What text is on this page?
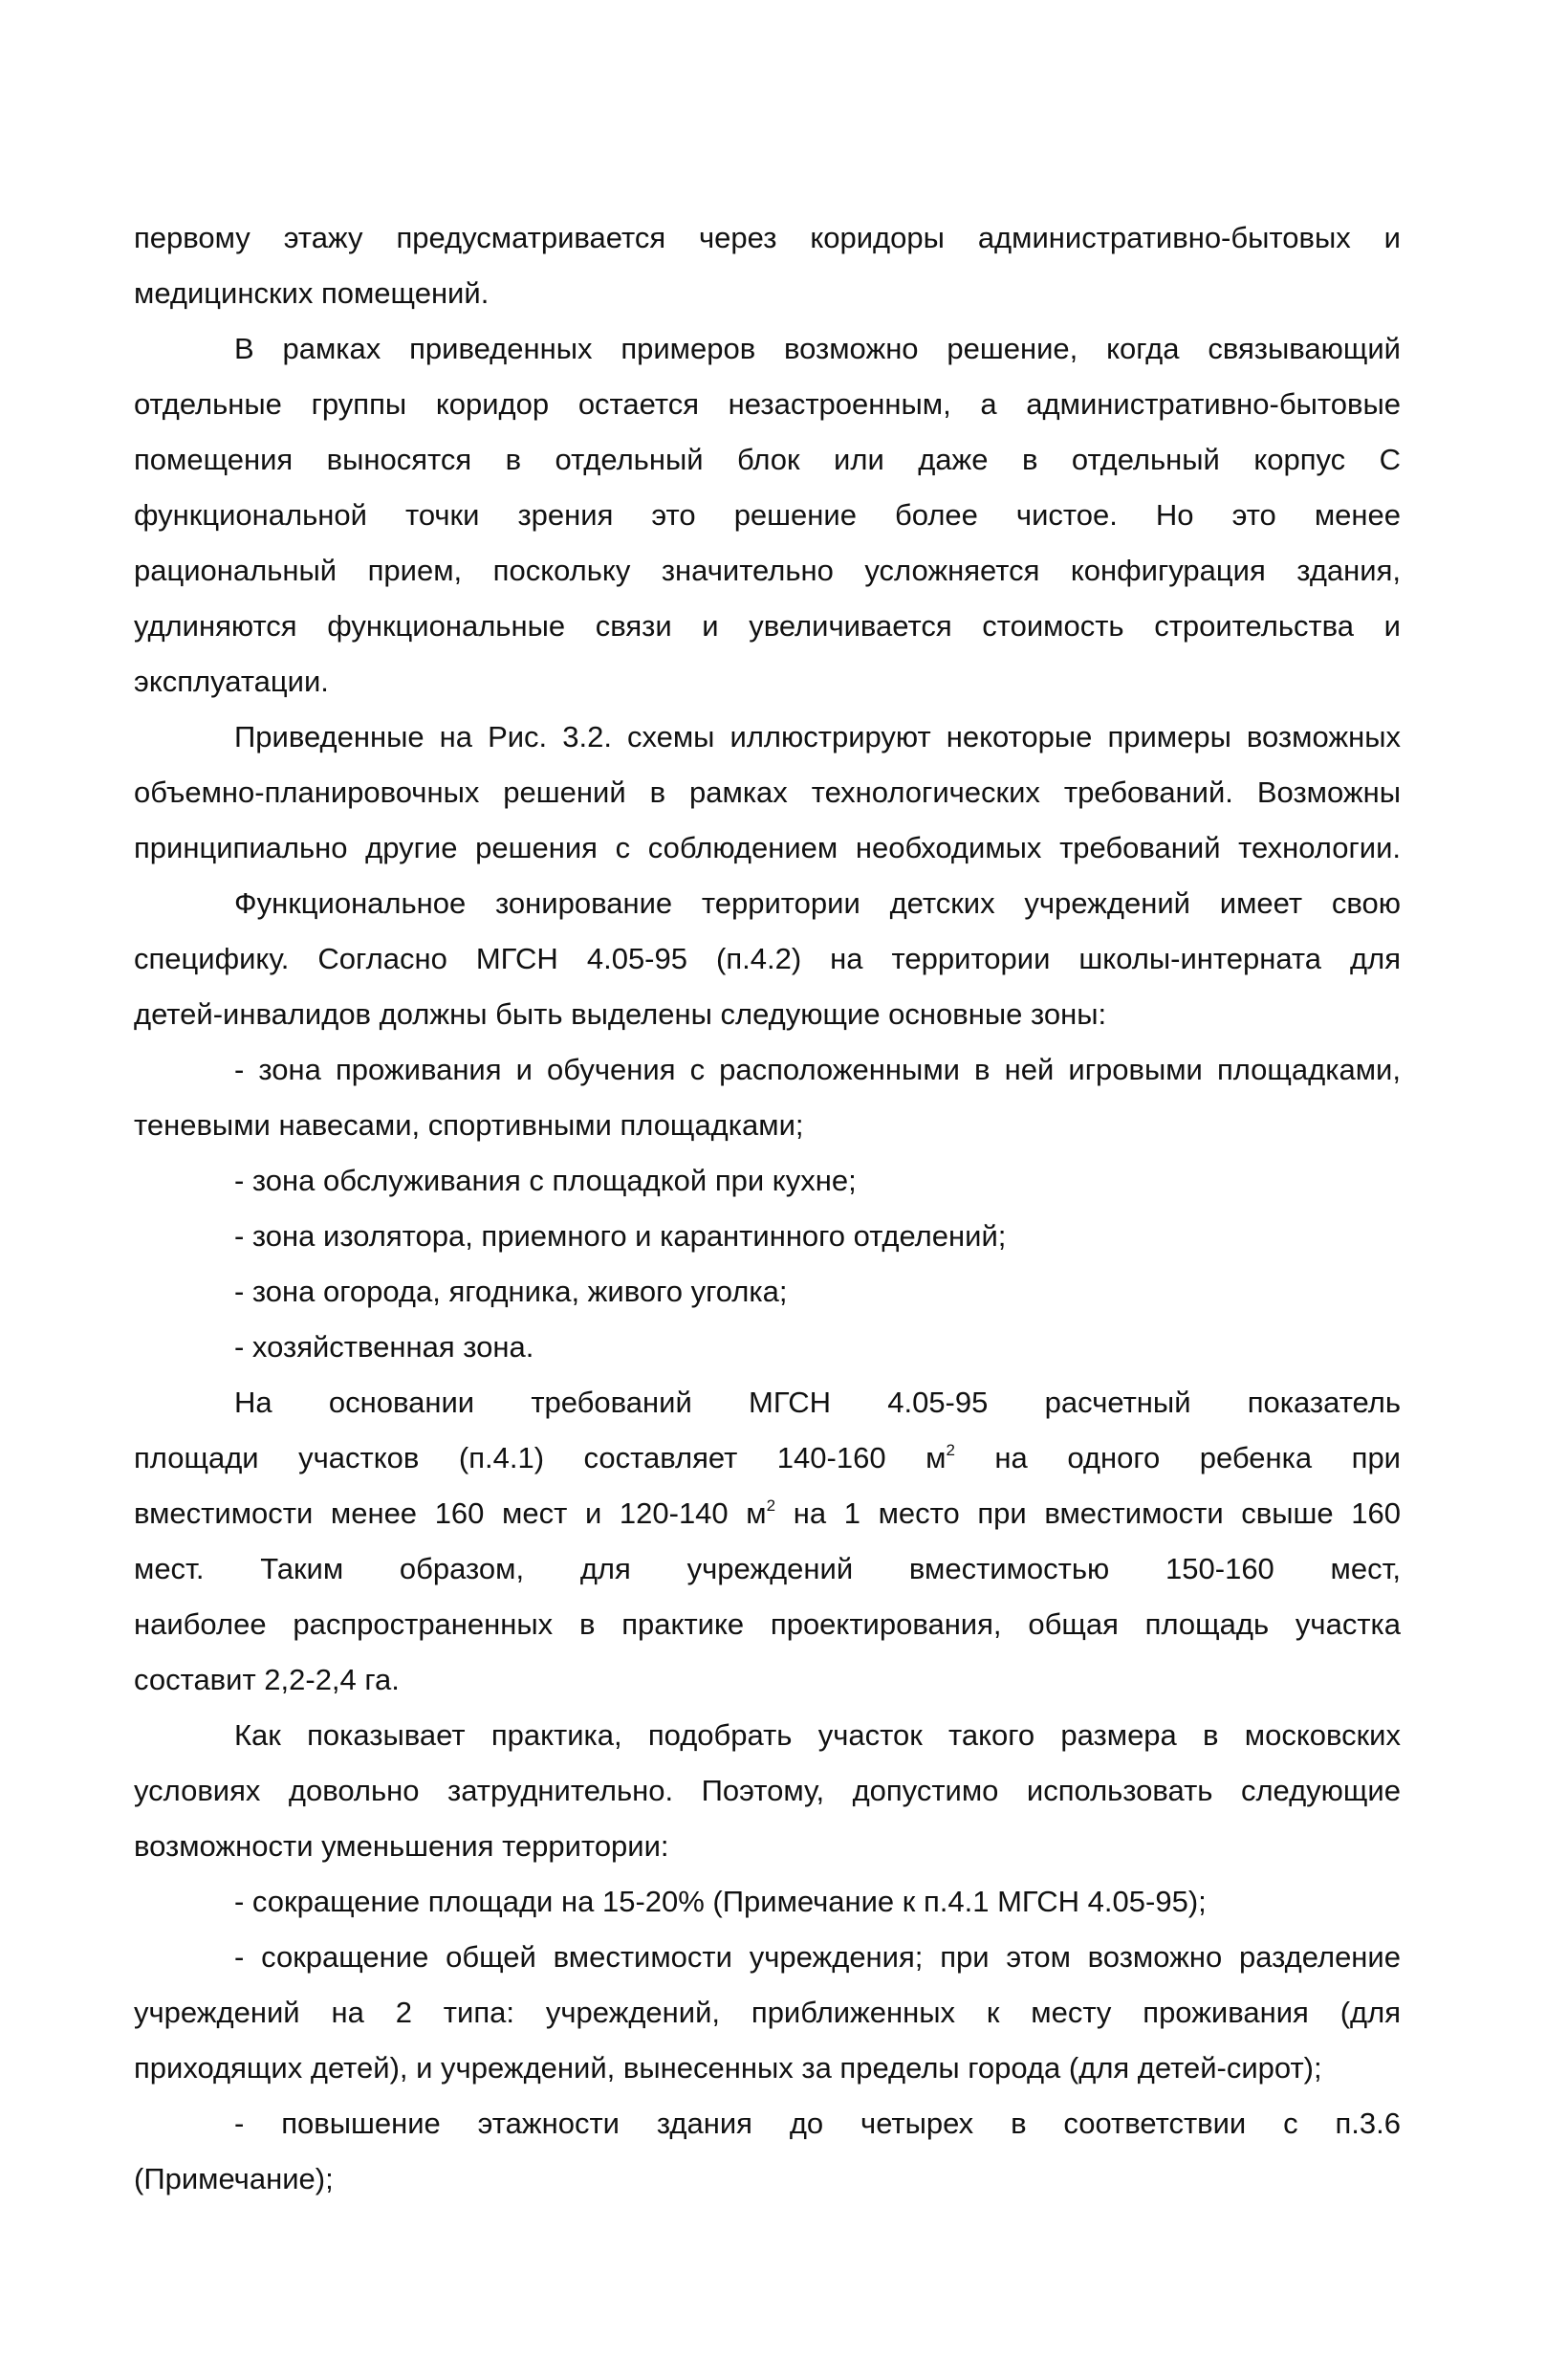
первому этажу предусматривается через коридоры административно-бытовых и
медицинских помещений.

В рамках приведенных примеров возможно решение, когда связывающий
отдельные группы коридор остается незастроенным, а административно-бытовые
помещения выносятся в отдельный блок или даже в отдельный корпус С
функциональной точки зрения это решение более чистое. Но это менее
рациональный прием, поскольку значительно усложняется конфигурация здания,
удлиняются функциональные связи и увеличивается стоимость строительства и
эксплуатации.

Приведенные на Рис. 3.2. схемы иллюстрируют некоторые примеры возможных
объемно-планировочных решений в рамках технологических требований. Возможны
принципиально другие решения с соблюдением необходимых требований технологии.

Функциональное зонирование территории детских учреждений имеет свою
специфику. Согласно МГСН 4.05-95 (п.4.2) на территории школы-интерната для
детей-инвалидов должны быть выделены следующие основные зоны:

- зона проживания и обучения с расположенными в ней игровыми площадками,
теневыми навесами, спортивными площадками;

- зона обслуживания с площадкой при кухне;

- зона изолятора, приемного и карантинного отделений;

- зона огорода, ягодника, живого уголка;

- хозяйственная зона.

На основании требований МГСН 4.05-95 расчетный показатель
площади участков (п.4.1) составляет 140-160 $м^2$ на одного ребенка при
вместимости менее 160 мест и 120-140 $м^2$ на 1 место при вместимости свыше 160
мест. Таким образом, для учреждений вместимостью 150-160 мест,
наиболее распространенных в практике проектирования, общая площадь участка
составит 2,2-2,4 га.

Как показывает практика, подобрать участок такого размера в московских
условиях довольно затруднительно. Поэтому, допустимо использовать следующие
возможности уменьшения территории:

- сокращение площади на 15-20% (Примечание к п.4.1 МГСН 4.05-95);

- сокращение общей вместимости учреждения; при этом возможно разделение
учреждений на 2 типа: учреждений, приближенных к месту проживания (для
приходящих детей), и учреждений, вынесенных за пределы города (для детей-сирот);

- повышение этажности здания до четырех в соответствии с п.3.6
(Примечание);
